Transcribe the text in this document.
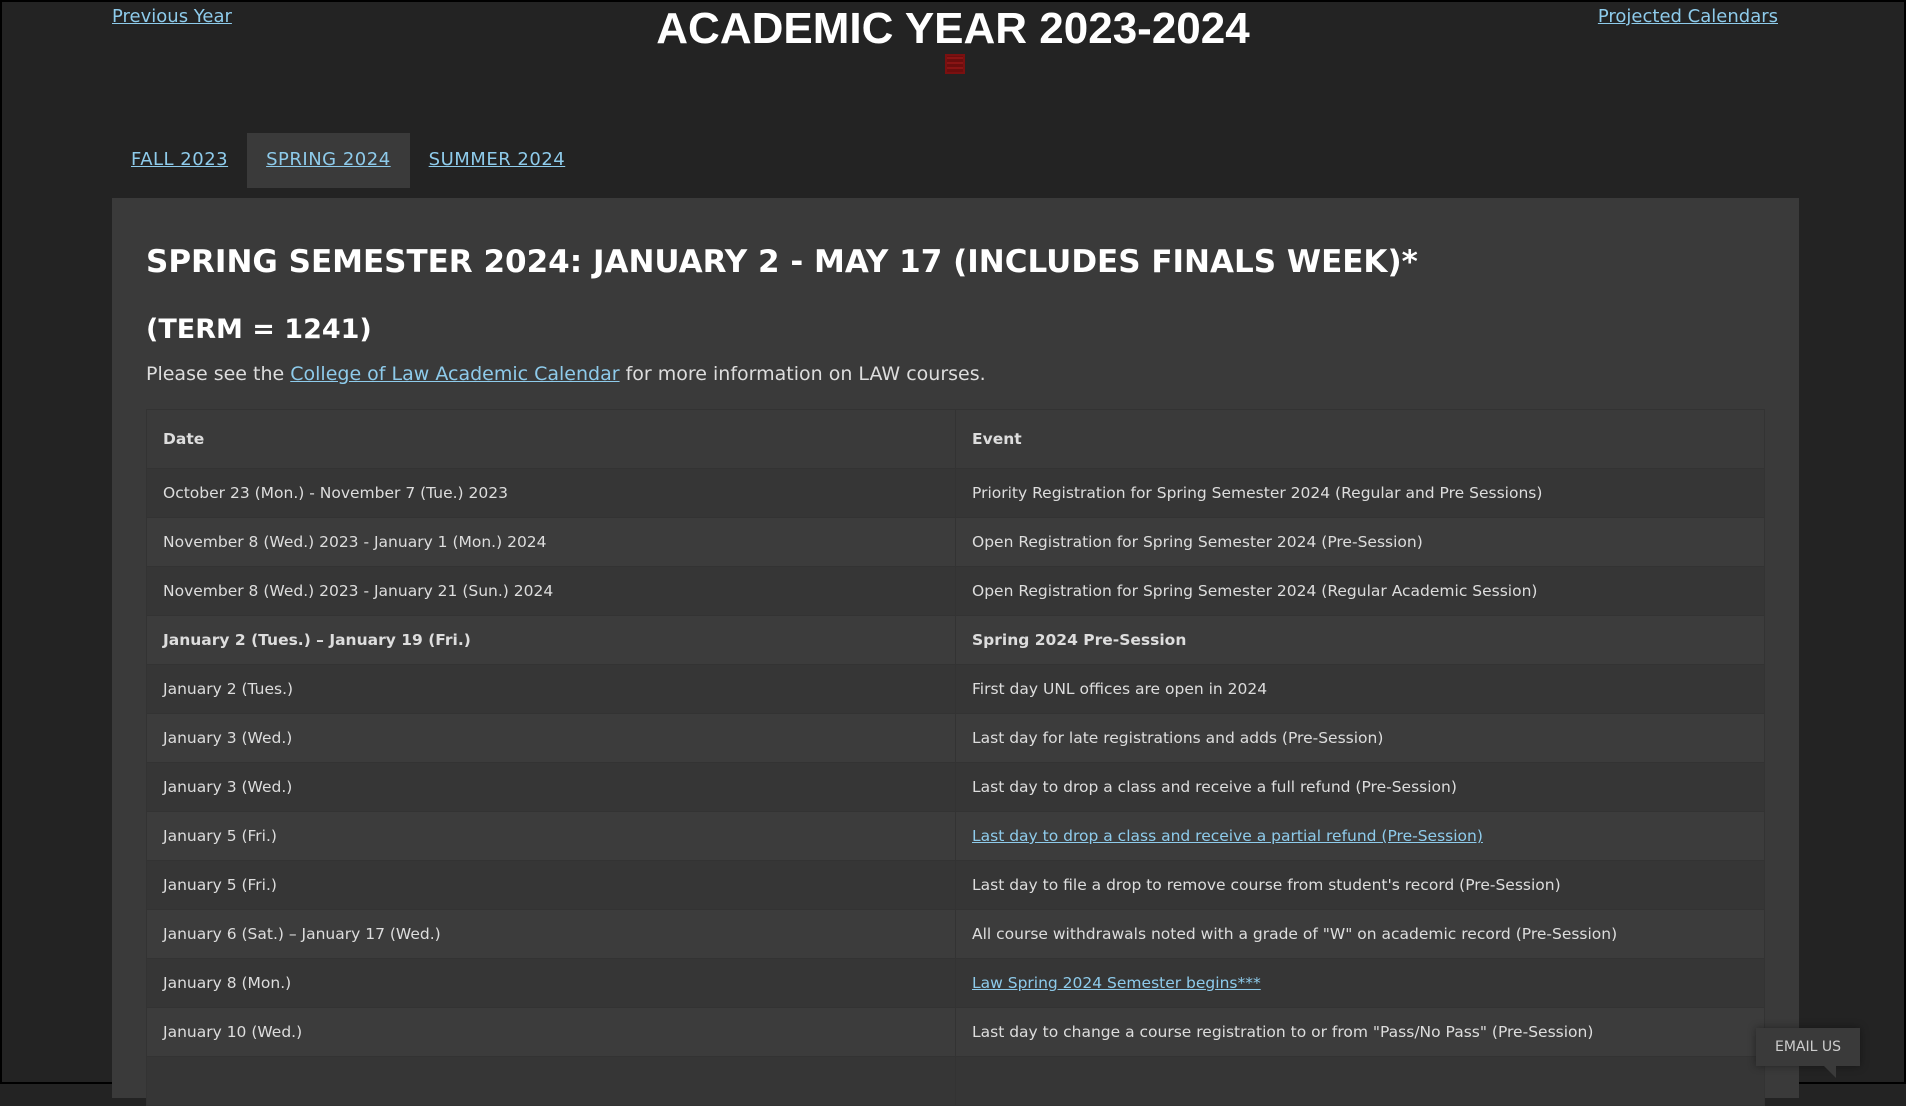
Previous Year	ACADEMIC YEAR 2023-2024	Projected Calendars
FALL 2023	SPRING 2024	SUMMER 2024
SPRING SEMESTER 2024: JANUARY 2 - MAY 17 (INCLUDES FINALS WEEK)*
(TERM = 1241)

Please see the College of Law Academic Calendar for more information on LAW courses.

Date	Event
October 23 (Mon.) - November 7 (Tue.) 2023	Priority Registration for Spring Semester 2024 (Regular and Pre Sessions)
November 8 (Wed.) 2023 - January 1 (Mon.) 2024	Open Registration for Spring Semester 2024 (Pre-Session)
November 8 (Wed.) 2023 - January 21 (Sun.) 2024	Open Registration for Spring Semester 2024 (Regular Academic Session)
January 2 (Tues.) – January 19 (Fri.)	Spring 2024 Pre-Session
January 2 (Tues.)	First day UNL offices are open in 2024
January 3 (Wed.)	Last day for late registrations and adds (Pre-Session)
January 3 (Wed.)	Last day to drop a class and receive a full refund (Pre-Session)
January 5 (Fri.)	Last day to drop a class and receive a partial refund (Pre-Session)
January 5 (Fri.)	Last day to file a drop to remove course from student's record (Pre-Session)
January 6 (Sat.) – January 17 (Wed.)	All course withdrawals noted with a grade of "W" on academic record (Pre-Session)
January 8 (Mon.)	Law Spring 2024 Semester begins***
January 10 (Wed.)	Last day to change a course registration to or from "Pass/No Pass" (Pre-Session)

EMAIL US
